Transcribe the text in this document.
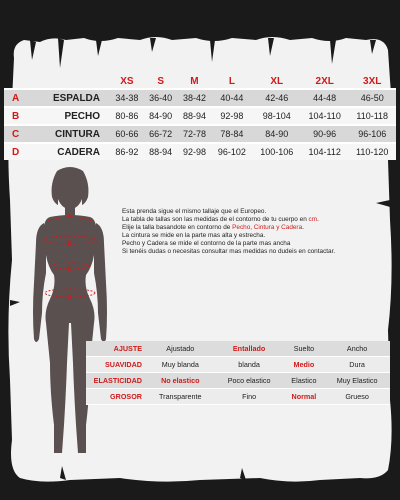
		XS	S	M	L	XL	2XL	3XL
A	ESPALDA	34-38	36-40	38-42	40-44	42-46	44-48	46-50
B	PECHO	80-86	84-90	88-94	92-98	98-104	104-110	110-118
C	CINTURA	60-66	66-72	72-78	78-84	84-90	90-96	96-106
D	CADERA	86-92	88-94	92-98	96-102	100-106	104-112	110-120
A
B
C
D
Esta prenda sigue el mismo tallaje que el Europeo.
La tabla de tallas son las medidas de el contorno de tu cuerpo en cm.
Elije la talla basandote en contorno de Pecho, Cintura y Cadera.
La cintura se mide en la parte mas alta y estrecha.
Pecho y Cadera se mide el contorno de la parte mas ancha
Si tenéis dudas o necesitas consultar mas medidas no dudeis en contactar.
AJUSTE	Ajustado	Entallado	Suelto	Ancho
SUAVIDAD	Muy blanda	blanda	Medio	Dura
ELASTICIDAD	No elastico	Poco elastico	Elastico	Muy Elastico
GROSOR	Transparente	Fino	Normal	Grueso
